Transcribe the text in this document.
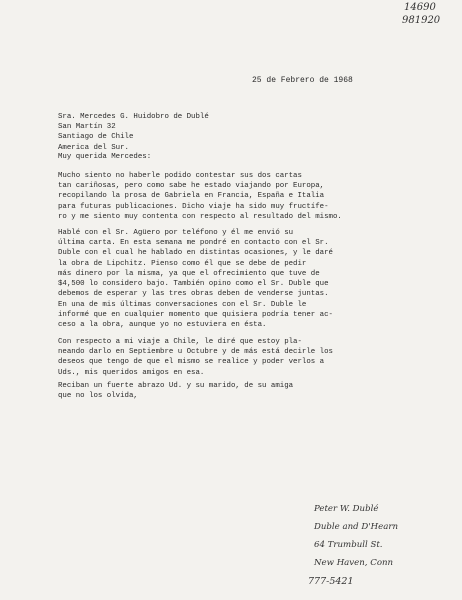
14690
981920
25 de Febrero de 1968
Sra. Mercedes G. Huidobro de Dublé
San Martín 32
Santiago de Chile
America del Sur.
Muy querida Mercedes:
Mucho siento no haberle podido contestar sus dos cartas
tan cariñosas, pero como sabe he estado viajando por Europa,
recopilando la prosa de Gabriela en Francia, España e Italia
para futuras publicaciones. Dicho viaje ha sido muy fructífe-
ro y me siento muy contenta con respecto al resultado del mismo.
Hablé con el Sr. Agüero por teléfono y él me envió su
última carta. En esta semana me pondré en contacto con el Sr.
Duble con el cual he hablado en distintas ocasiones, y le daré
la obra de Lipchitz. Pienso como él que se debe de pedir
más dinero por la misma, ya que el ofrecimiento que tuve de
$4,500 lo considero bajo. También opino como el Sr. Duble que
debemos de esperar y las tres obras deben de venderse juntas.
En una de mis últimas conversaciones con el Sr. Duble le
informé que en cualquier momento que quisiera podría tener ac-
ceso a la obra, aunque yo no estuviera en ésta.
Con respecto a mi viaje a Chile, le diré que estoy pla-
neando darlo en Septiembre u Octubre y de más está decirle los
deseos que tengo de que el mismo se realice y poder verlos a
Uds., mis queridos amigos en esa.
Reciban un fuerte abrazo Ud. y su marido, de su amiga
que no los olvida,
Peter W. Dublé
Duble and D'Hearn
64 Trumbull St.
New Haven, Conn
777-5421
